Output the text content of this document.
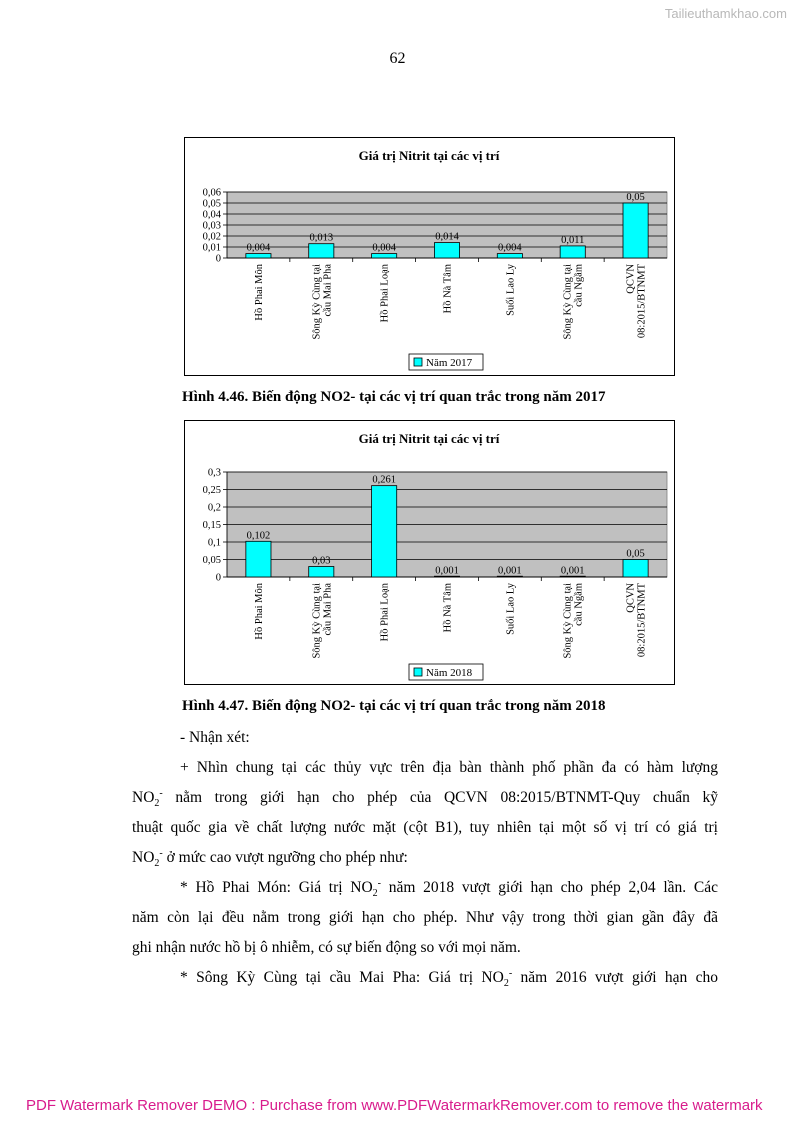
Tailieuthamkhao.com
62
Giá trị Nitrit tại các vị trí
0
0,01
0,02
0,03
0,04
0,05
0,06
0,004
Hồ Phai Môn
0,013
Sông Kỳ Cùng tại cầu Mai Pha
0,004
Hồ Phai Loạn
0,014
Hồ Nà Tâm
0,004
Suối Lao Ly
0,011
Sông Kỳ Cùng tại cầu Ngầm
0,05
QCVN 08:2015/BTNMT
Năm 2017
Hình 4.46. Biến động NO2- tại các vị trí quan trắc trong năm 2017
Giá trị Nitrit tại các vị trí
0
0,05
0,1
0,15
0,2
0,25
0,3
0,102
Hồ Phai Môn
0,03
Sông Kỳ Cùng tại cầu Mai Pha
0,261
Hồ Phai Loạn
0,001
Hồ Nà Tâm
0,001
Suối Lao Ly
0,001
Sông Kỳ Cùng tại cầu Ngầm
0,05
QCVN 08:2015/BTNMT
Năm 2018
Hình 4.47. Biến động NO2- tại các vị trí quan trắc trong năm 2018
- Nhận xét:
+ Nhìn chung tại các thủy vực trên địa bàn thành phố phần đa có hàm lượng
$NO_2^-$ nằm trong giới hạn cho phép của QCVN 08:2015/BTNMT-Quy chuẩn kỹ
thuật quốc gia về chất lượng nước mặt (cột B1), tuy nhiên tại một số vị trí có giá trị
$NO_2^-$ ở mức cao vượt ngưỡng cho phép như:
* Hồ Phai Món: Giá trị $NO_2^-$ năm 2018 vượt giới hạn cho phép 2,04 lần. Các
năm còn lại đều nằm trong giới hạn cho phép. Như vậy trong thời gian gần đây đã
ghi nhận nước hồ bị ô nhiễm, có sự biến động so với mọi năm.
* Sông Kỳ Cùng tại cầu Mai Pha: Giá trị $NO_2^-$ năm 2016 vượt giới hạn cho
PDF Watermark Remover DEMO : Purchase from www.PDFWatermarkRemover.com to remove the watermark
